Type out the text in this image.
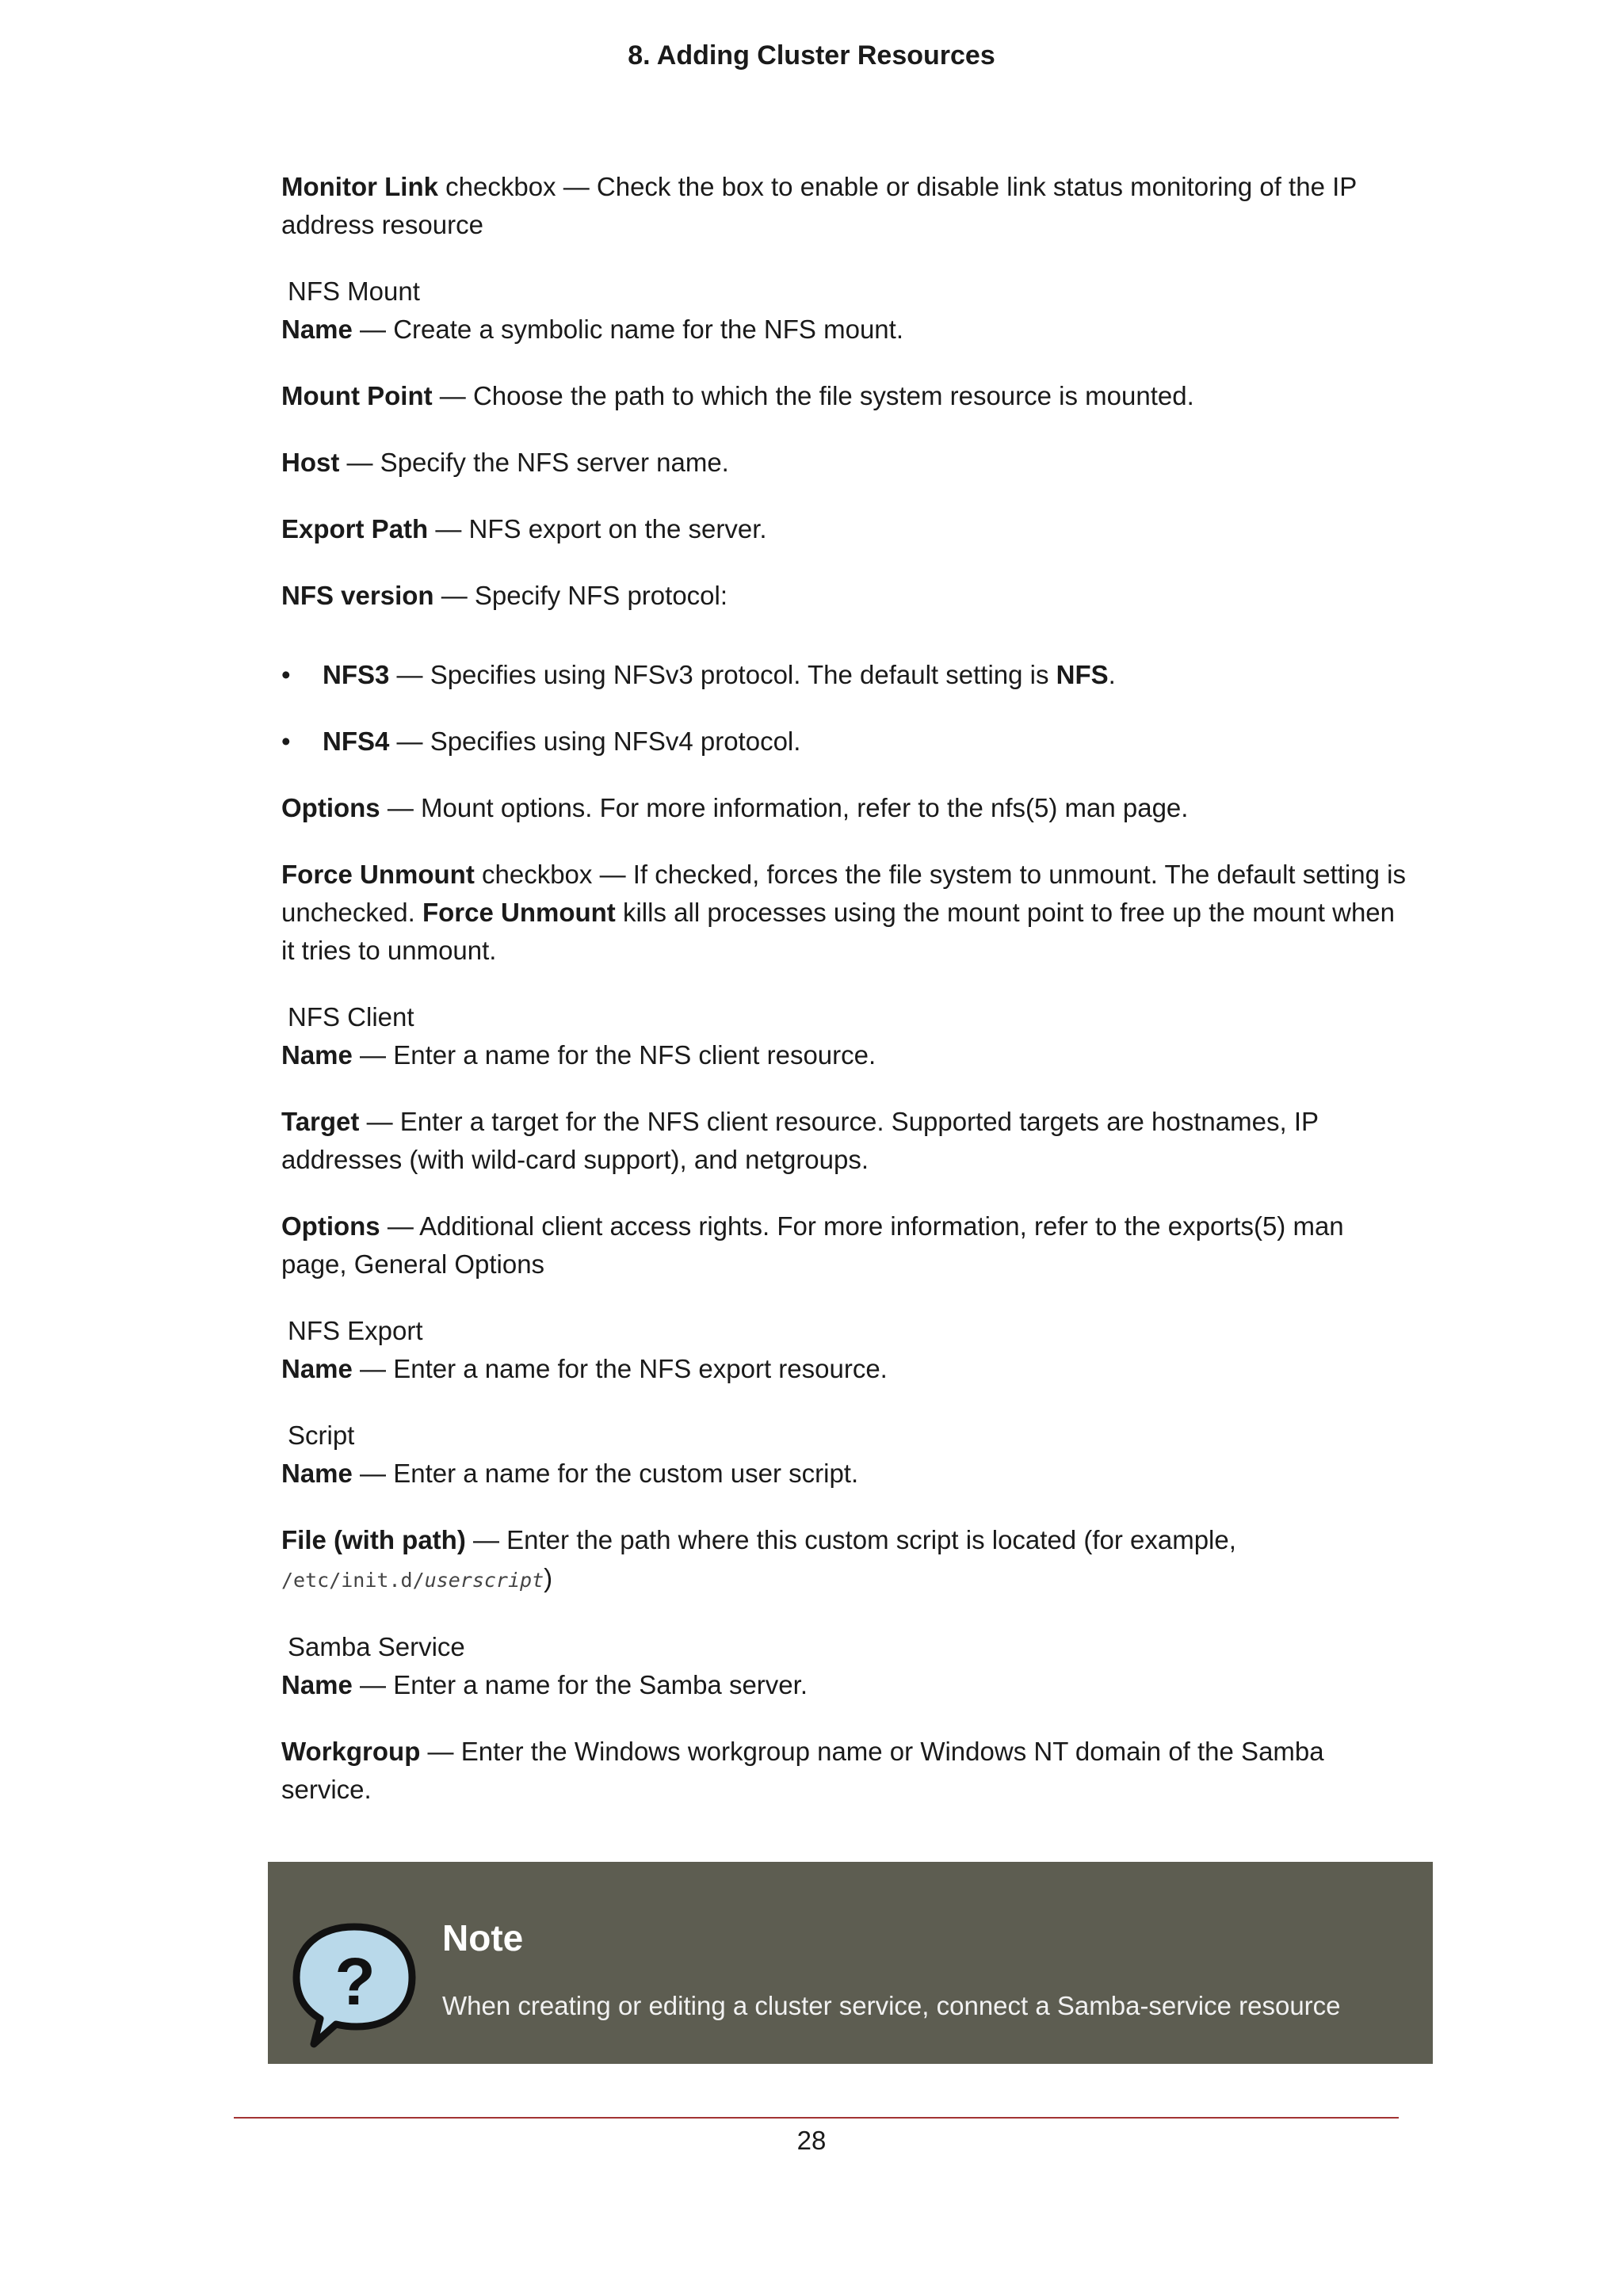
8. Adding Cluster Resources

Monitor Link checkbox — Check the box to enable or disable link status monitoring of the IP address resource

NFS Mount

Name — Create a symbolic name for the NFS mount.

Mount Point — Choose the path to which the file system resource is mounted.

Host — Specify the NFS server name.

Export Path — NFS export on the server.

NFS version — Specify NFS protocol:

• NFS3 — Specifies using NFSv3 protocol. The default setting is NFS.
• NFS4 — Specifies using NFSv4 protocol.

Options — Mount options. For more information, refer to the nfs(5) man page.

Force Unmount checkbox — If checked, forces the file system to unmount. The default setting is unchecked. Force Unmount kills all processes using the mount point to free up the mount when it tries to unmount.

NFS Client

Name — Enter a name for the NFS client resource.

Target — Enter a target for the NFS client resource. Supported targets are hostnames, IP addresses (with wild-card support), and netgroups.

Options — Additional client access rights. For more information, refer to the exports(5) man page, General Options

NFS Export

Name — Enter a name for the NFS export resource.

Script

Name — Enter a name for the custom user script.

File (with path) — Enter the path where this custom script is located (for example, /etc/init.d/userscript)

Samba Service

Name — Enter a name for the Samba server.

Workgroup — Enter the Windows workgroup name or Windows NT domain of the Samba service.

?
Note
When creating or editing a cluster service, connect a Samba-service resource
28
